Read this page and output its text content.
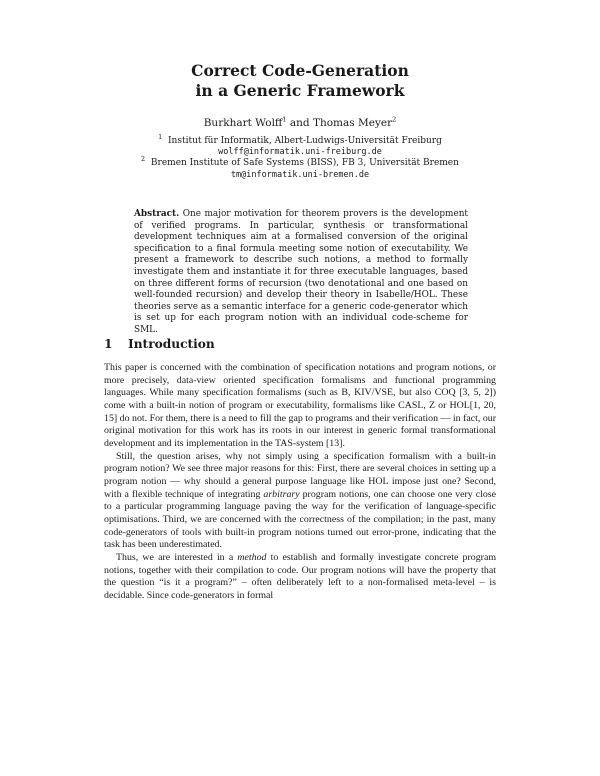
Correct Code-Generation
in a Generic Framework
Burkhart Wolff$^1$ and Thomas Meyer$^2$
$^1$ Institut für Informatik, Albert-Ludwigs-Universität Freiburg
wolff@informatik.uni-freiburg.de
$^2$ Bremen Institute of Safe Systems (BISS), FB 3, Universität Bremen
tm@informatik.uni-bremen.de
Abstract. One major motivation for theorem provers is the development of verified programs. In particular, synthesis or transformational development techniques aim at a formalised conversion of the original specification to a final formula meeting some notion of executability. We present a framework to describe such notions, a method to formally investigate them and instantiate it for three executable languages, based on three different forms of recursion (two denotational and one based on well-founded recursion) and develop their theory in Isabelle/HOL. These theories serve as a semantic interface for a generic code-generator which is set up for each program notion with an individual code-scheme for SML.
1 Introduction

This paper is concerned with the combination of specification notations and program notions, or more precisely, data-view oriented specification formalisms and functional programming languages. While many specification formalisms (such as B, KIV/VSE, but also COQ [3, 5, 2]) come with a built-in notion of program or executability, formalisms like CASL, Z or HOL[1, 20, 15] do not. For them, there is a need to fill the gap to programs and their verification — in fact, our original motivation for this work has its roots in our interest in generic formal transformational development and its implementation in the TAS-system [13].

Still, the question arises, why not simply using a specification formalism with a built-in program notion? We see three major reasons for this: First, there are several choices in setting up a program notion — why should a general purpose language like HOL impose just one? Second, with a flexible technique of integrating arbitrary program notions, one can choose one very close to a particular programming language paving the way for the verification of language-specific optimisations. Third, we are concerned with the correctness of the compilation; in the past, many code-generators of tools with built-in program notions turned out error-prone, indicating that the task has been underestimated.

Thus, we are interested in a method to establish and formally investigate concrete program notions, together with their compilation to code. Our program notions will have the property that the question “is it a program?” – often deliberately left to a non-formalised meta-level – is decidable. Since code-generators in formal
